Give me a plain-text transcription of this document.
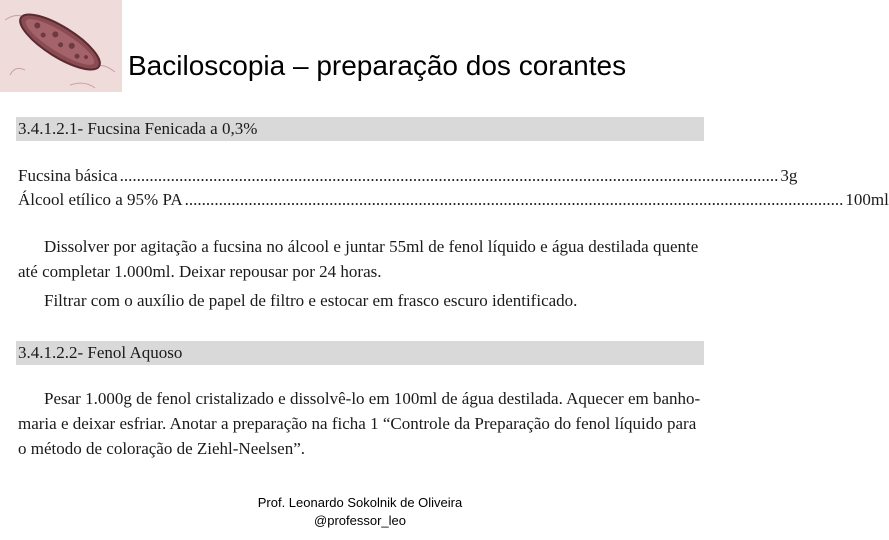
Baciloscopia – preparação dos corantes
3.4.1.2.1- Fucsina Fenicada a 0,3%
Fucsina básica ........................................................................................................................................................... 3g
Álcool etílico a 95% PA ........................................................................................................................................................... 100ml

Dissolver por agitação a fucsina no álcool e juntar 55ml de fenol líquido e água destilada quente até completar 1.000ml. Deixar repousar por 24 horas.

Filtrar com o auxílio de papel de filtro e estocar em frasco escuro identificado.

3.4.1.2.2- Fenol Aquoso

Pesar 1.000g de fenol cristalizado e dissolvê-lo em 100ml de água destilada. Aquecer em banho-maria e deixar esfriar. Anotar a preparação na ficha 1 “Controle da Preparação do fenol líquido para o método de coloração de Ziehl-Neelsen”.

Prof. Leonardo Sokolnik de Oliveira
@professor_leo
